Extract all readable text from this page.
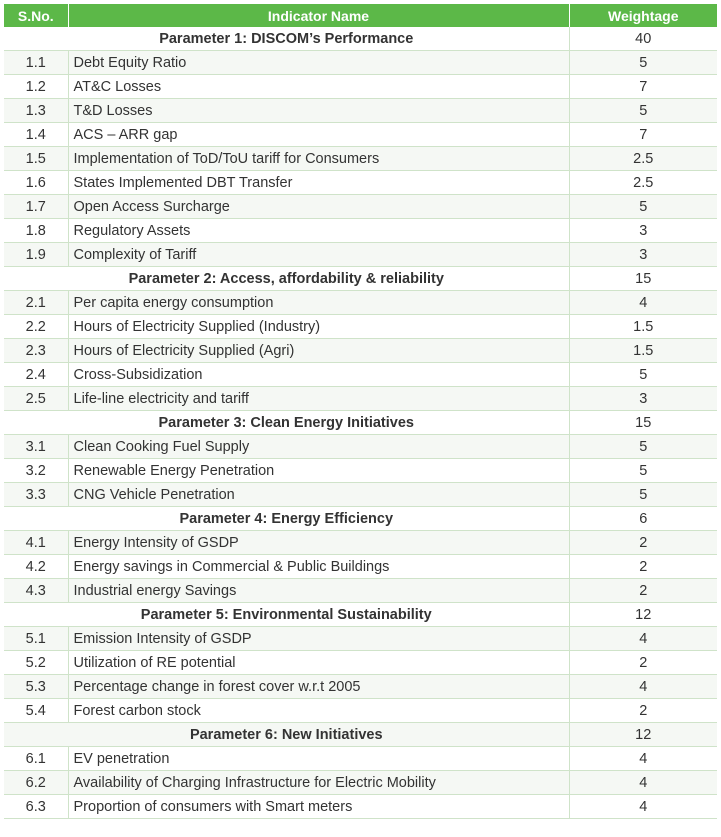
S.No.	Indicator Name	Weightage
Parameter 1: DISCOM’s Performance		40
1.1	Debt Equity Ratio	5
1.2	AT&C Losses	7
1.3	T&D Losses	5
1.4	ACS – ARR gap	7
1.5	Implementation of ToD/ToU tariff for Consumers	2.5
1.6	States Implemented DBT Transfer	2.5
1.7	Open Access Surcharge	5
1.8	Regulatory Assets	3
1.9	Complexity of Tariff	3
Parameter 2: Access, affordability & reliability		15
2.1	Per capita energy consumption	4
2.2	Hours of Electricity Supplied (Industry)	1.5
2.3	Hours of Electricity Supplied (Agri)	1.5
2.4	Cross-Subsidization	5
2.5	Life-line electricity and tariff	3
Parameter 3: Clean Energy Initiatives		15
3.1	Clean Cooking Fuel Supply	5
3.2	Renewable Energy Penetration	5
3.3	CNG Vehicle Penetration	5
Parameter 4: Energy Efficiency		6
4.1	Energy Intensity of GSDP	2
4.2	Energy savings in Commercial & Public Buildings	2
4.3	Industrial energy Savings	2
Parameter 5: Environmental Sustainability		12
5.1	Emission Intensity of GSDP	4
5.2	Utilization of RE potential	2
5.3	Percentage change in forest cover w.r.t 2005	4
5.4	Forest carbon stock	2
Parameter 6: New Initiatives		12
6.1	EV penetration	4
6.2	Availability of Charging Infrastructure for Electric Mobility	4
6.3	Proportion of consumers with Smart meters	4
